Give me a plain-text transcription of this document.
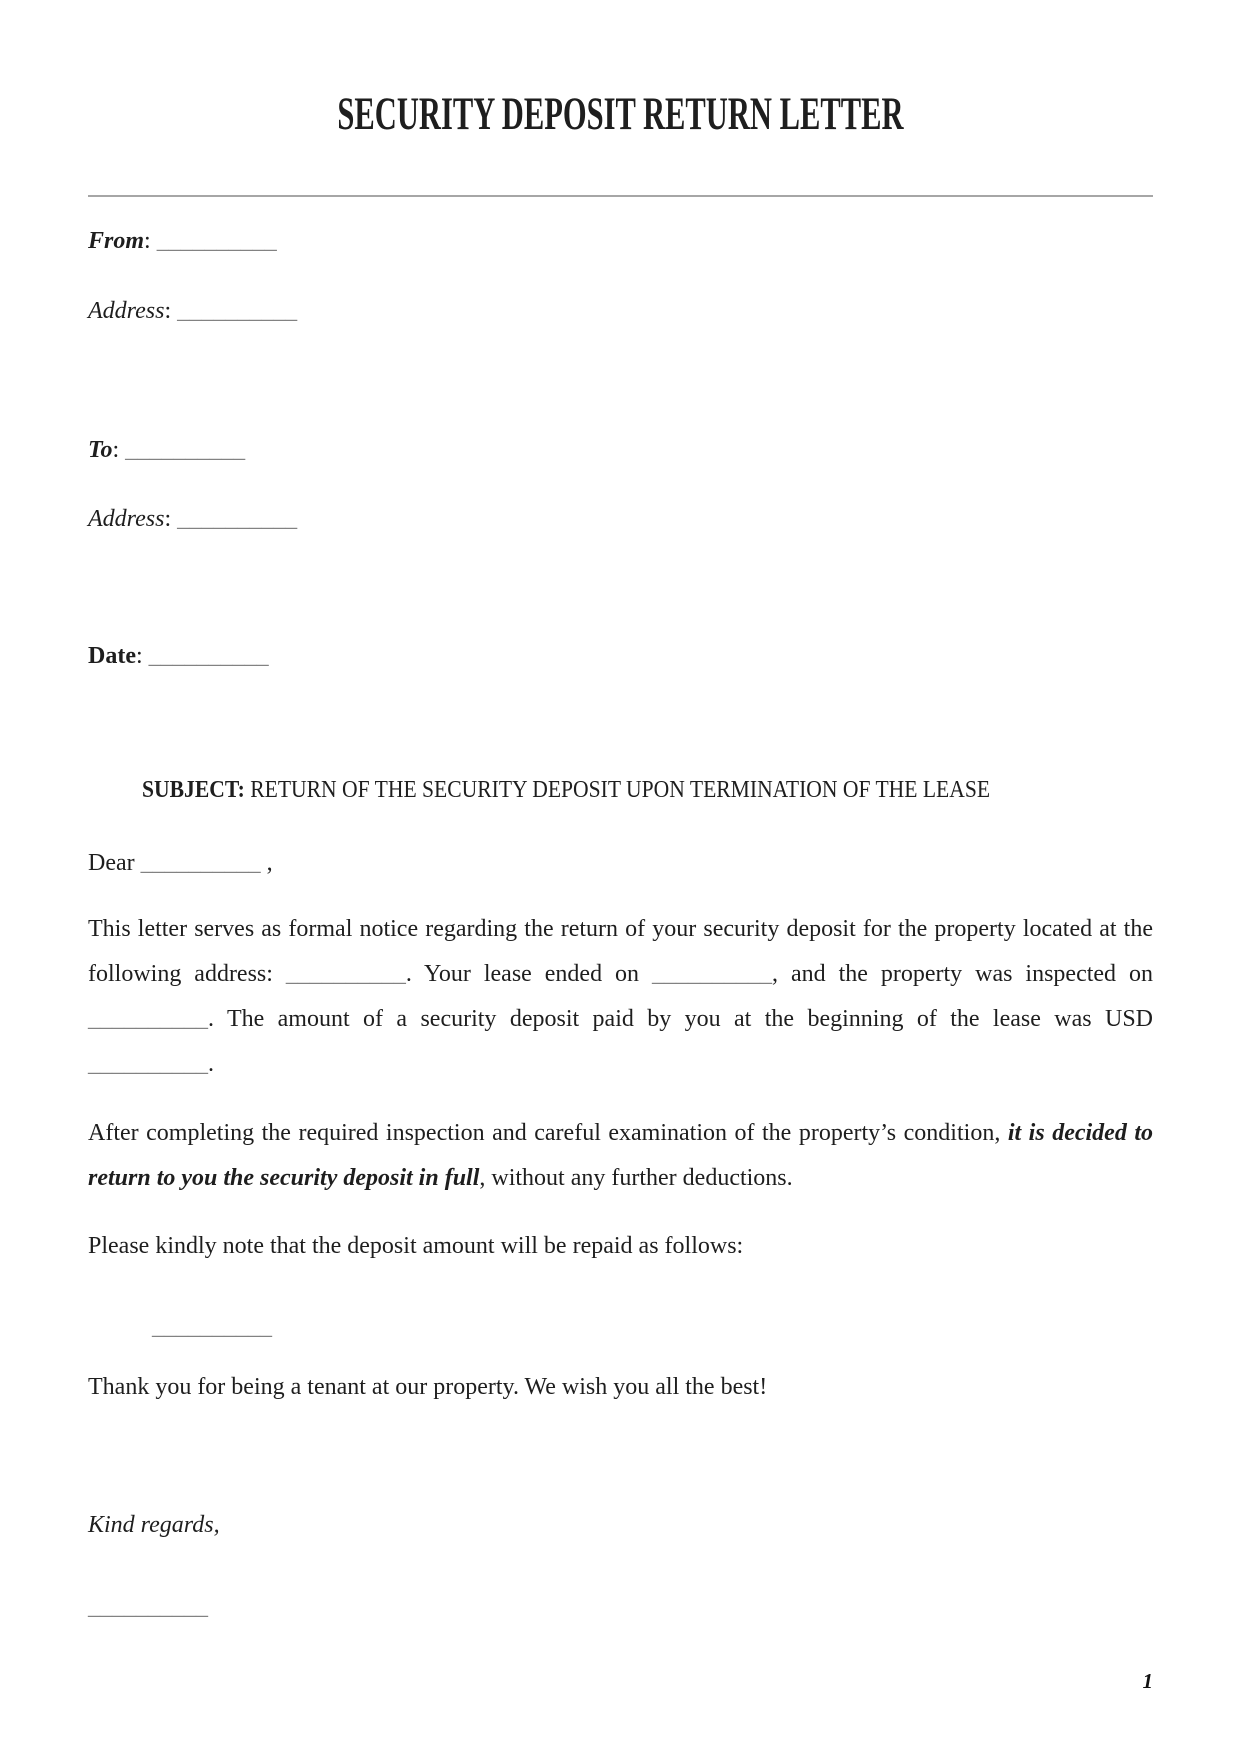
SECURITY DEPOSIT RETURN LETTER
From: __________
Address: __________
To: __________
Address: __________
Date: __________
SUBJECT: RETURN OF THE SECURITY DEPOSIT UPON TERMINATION OF THE LEASE
Dear __________ ,

This letter serves as formal notice regarding the return of your security deposit for the property located at the following address: __________. Your lease ended on __________, and the property was inspected on __________. The amount of a security deposit paid by you at the beginning of the lease was USD __________.

After completing the required inspection and careful examination of the property’s condition, it is decided to return to you the security deposit in full, without any further deductions.

Please kindly note that the deposit amount will be repaid as follows:

__________

Thank you for being a tenant at our property. We wish you all the best!

Kind regards,

__________

1
